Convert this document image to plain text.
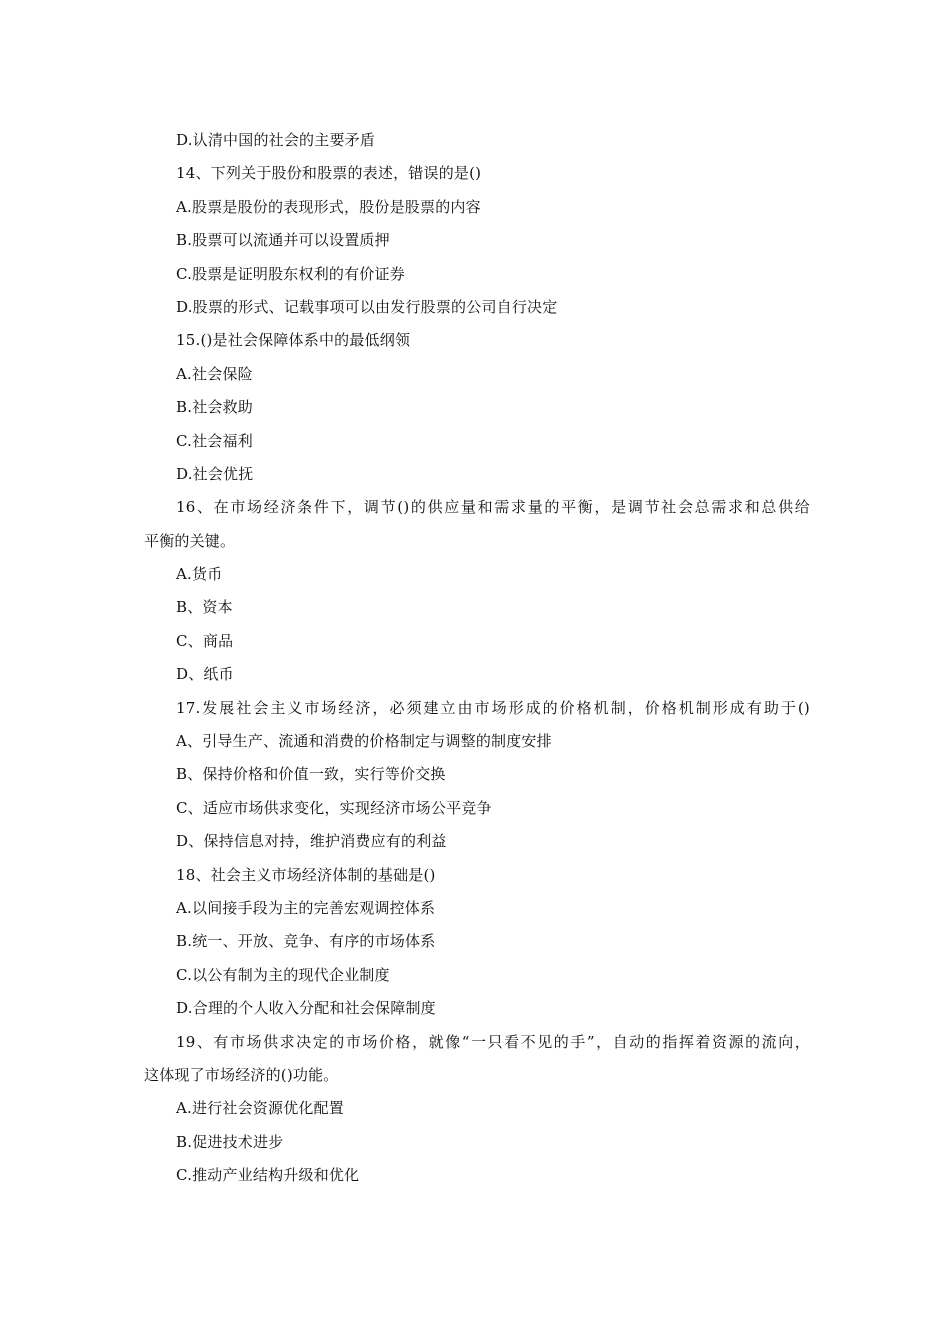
D.认清中国的社会的主要矛盾
14、下列关于股份和股票的表述，错误的是()
A.股票是股份的表现形式，股份是股票的内容
B.股票可以流通并可以设置质押
C.股票是证明股东权利的有价证券
D.股票的形式、记载事项可以由发行股票的公司自行决定
15.()是社会保障体系中的最低纲领
A.社会保险
B.社会救助
C.社会福利
D.社会优抚
16、在市场经济条件下，调节()的供应量和需求量的平衡，是调节社会总需求和总供给
平衡的关键。
A.货币
B、资本
C、商品
D、纸币
17.发展社会主义市场经济，必须建立由市场形成的价格机制，价格机制形成有助于()
A、引导生产、流通和消费的价格制定与调整的制度安排
B、保持价格和价值一致，实行等价交换
C、适应市场供求变化，实现经济市场公平竞争
D、保持信息对持，维护消费应有的利益
18、社会主义市场经济体制的基础是()
A.以间接手段为主的完善宏观调控体系
B.统一、开放、竞争、有序的市场体系
C.以公有制为主的现代企业制度
D.合理的个人收入分配和社会保障制度
19、有市场供求决定的市场价格，就像“一只看不见的手”，自动的指挥着资源的流向，
这体现了市场经济的()功能。
A.进行社会资源优化配置
B.促进技术进步
C.推动产业结构升级和优化
